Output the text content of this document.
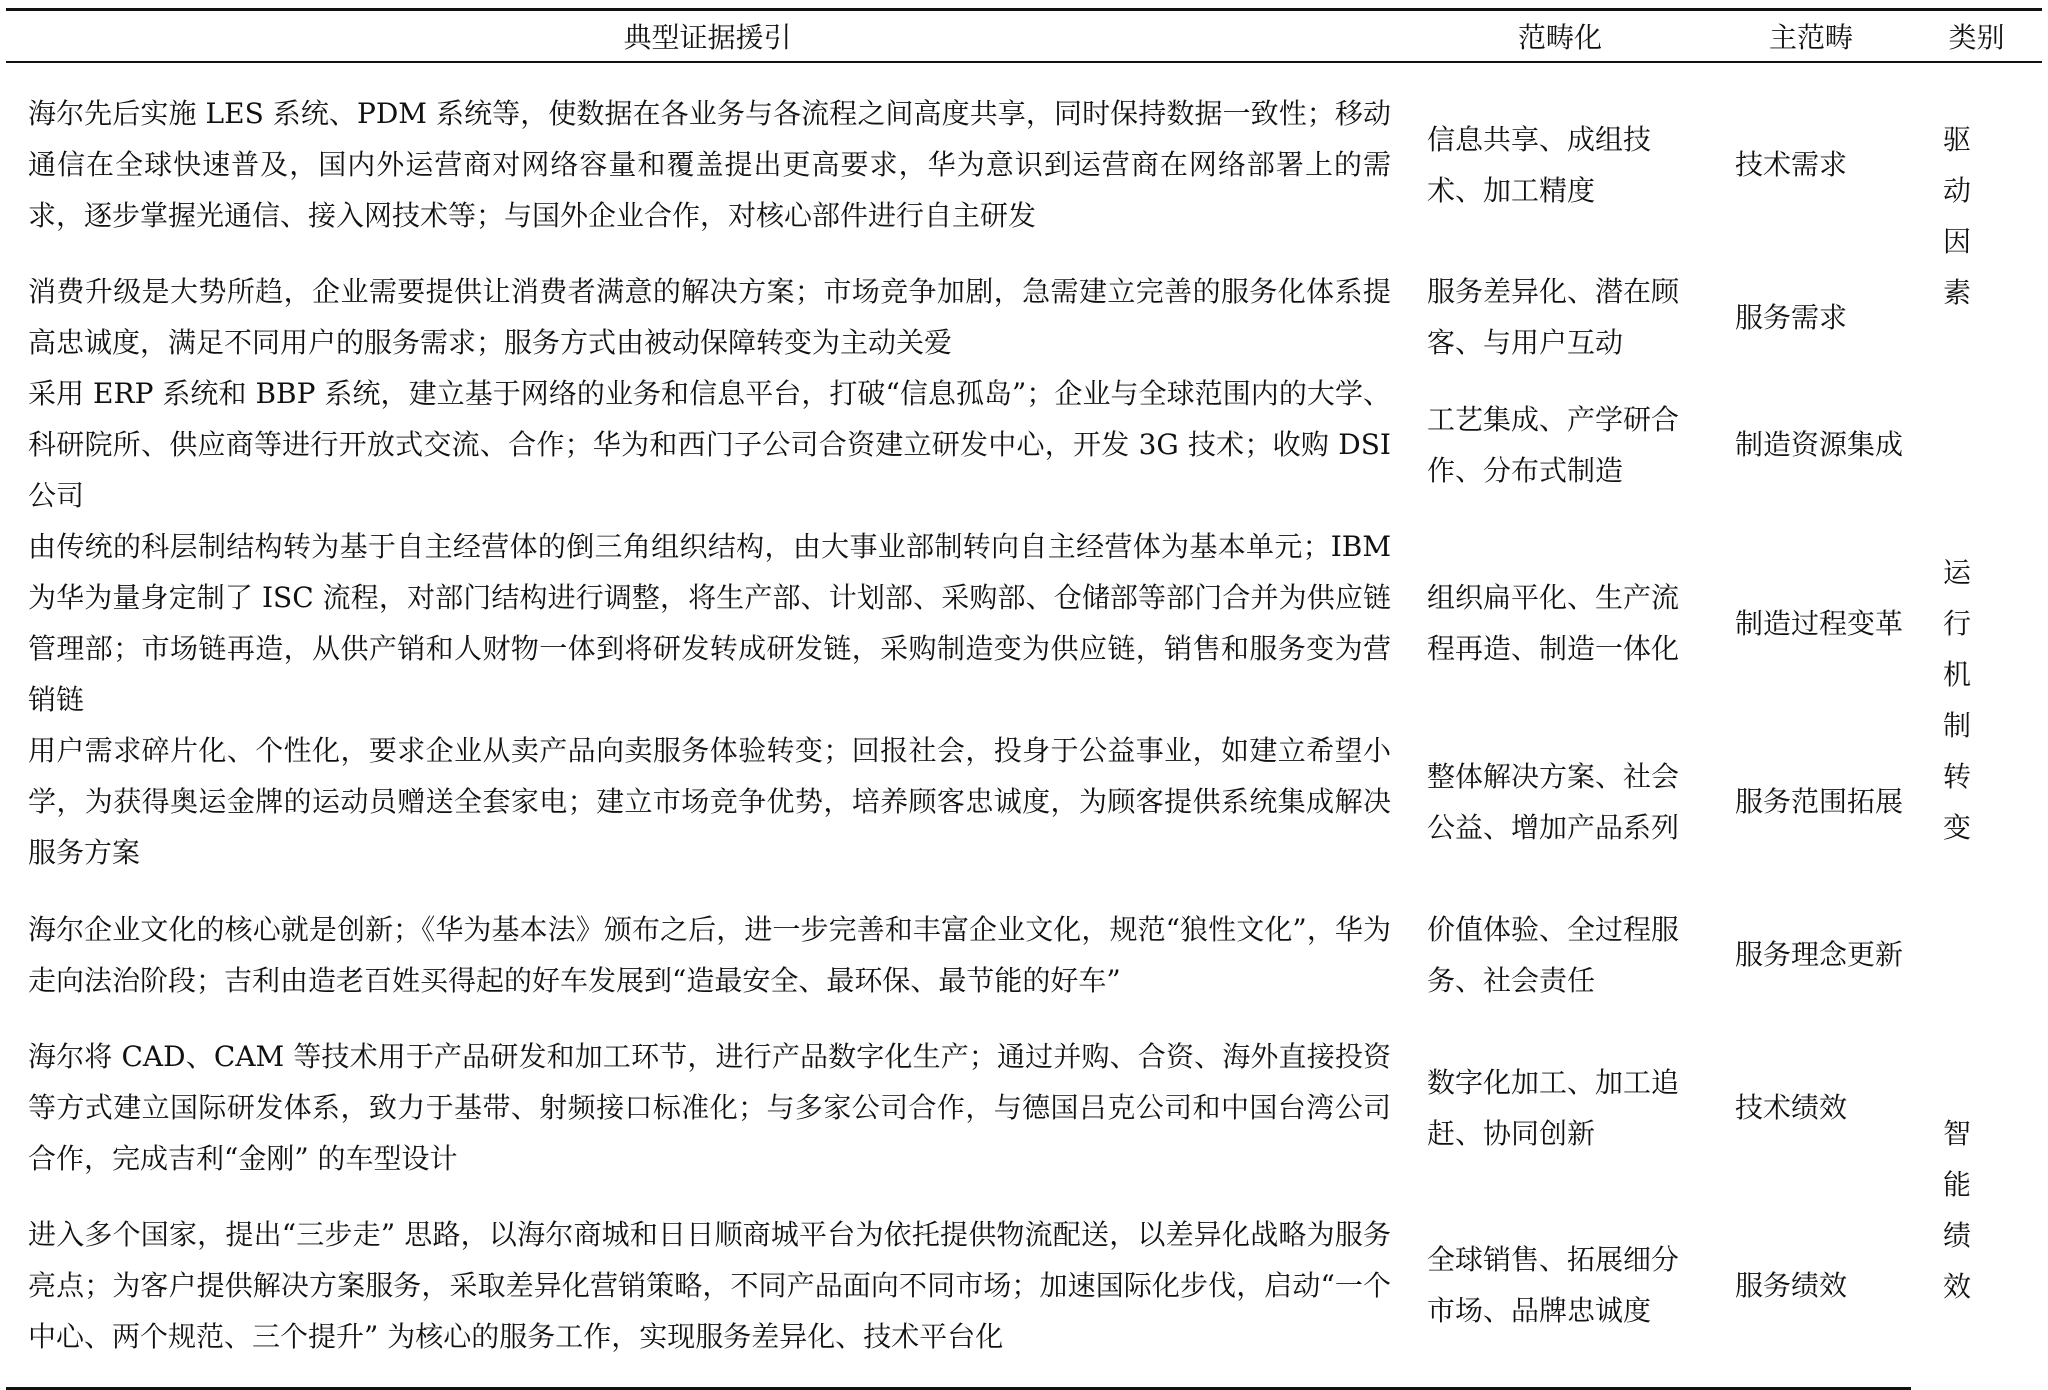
典型证据援引	范畴化	主范畴	类别
海尔先后实施 LES 系统、PDM 系统等，使数据在各业务与各流程之间高度共享，同时保持数据一致性；移动通信在全球快速普及，国内外运营商对网络容量和覆盖提出更高要求，华为意识到运营商在网络部署上的需求，逐步掌握光通信、接入网技术等；与国外企业合作，对核心部件进行自主研发	信息共享、成组技术、加工精度	技术需求	驱动因素
消费升级是大势所趋，企业需要提供让消费者满意的解决方案；市场竞争加剧，急需建立完善的服务化体系提高忠诚度，满足不同用户的服务需求；服务方式由被动保障转变为主动关爱	服务差异化、潜在顾客、与用户互动	服务需求	
采用 ERP 系统和 BBP 系统，建立基于网络的业务和信息平台，打破“信息孤岛”；企业与全球范围内的大学、科研院所、供应商等进行开放式交流、合作；华为和西门子公司合资建立研发中心，开发 3G 技术；收购 DSI 公司	工艺集成、产学研合作、分布式制造	制造资源集成	运行机制转变
由传统的科层制结构转为基于自主经营体的倒三角组织结构，由大事业部制转向自主经营体为基本单元；IBM 为华为量身定制了 ISC 流程，对部门结构进行调整，将生产部、计划部、采购部、仓储部等部门合并为供应链管理部；市场链再造，从供产销和人财物一体到将研发转成研发链，采购制造变为供应链，销售和服务变为营销链	组织扁平化、生产流程再造、制造一体化	制造过程变革	
用户需求碎片化、个性化，要求企业从卖产品向卖服务体验转变；回报社会，投身于公益事业，如建立希望小学，为获得奥运金牌的运动员赠送全套家电；建立市场竞争优势，培养顾客忠诚度，为顾客提供系统集成解决服务方案	整体解决方案、社会公益、增加产品系列	服务范围拓展	
海尔企业文化的核心就是创新；《华为基本法》颁布之后，进一步完善和丰富企业文化，规范“狼性文化”，华为走向法治阶段；吉利由造老百姓买得起的好车发展到“造最安全、最环保、最节能的好车”	价值体验、全过程服务、社会责任	服务理念更新	
海尔将 CAD、CAM 等技术用于产品研发和加工环节，进行产品数字化生产；通过并购、合资、海外直接投资等方式建立国际研发体系，致力于基带、射频接口标准化；与多家公司合作，与德国吕克公司和中国台湾公司合作，完成吉利“金刚” 的车型设计	数字化加工、加工追赶、协同创新	技术绩效	智能绩效
进入多个国家，提出“三步走” 思路，以海尔商城和日日顺商城平台为依托提供物流配送，以差异化战略为服务亮点；为客户提供解决方案服务，采取差异化营销策略，不同产品面向不同市场；加速国际化步伐，启动“一个中心、两个规范、三个提升” 为核心的服务工作，实现服务差异化、技术平台化	全球销售、拓展细分市场、品牌忠诚度	服务绩效	
